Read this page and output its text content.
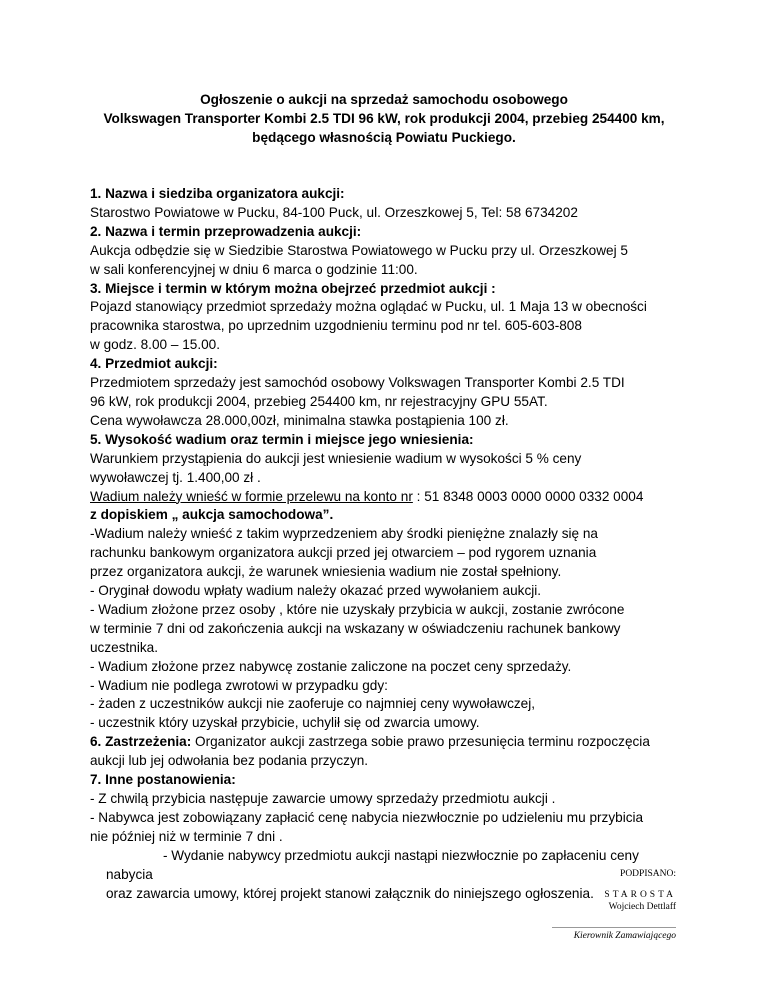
Ogłoszenie o aukcji na sprzedaż samochodu osobowego
Volkswagen Transporter Kombi 2.5 TDI 96 kW, rok produkcji 2004, przebieg 254400 km,
będącego własnością Powiatu Puckiego.
1. Nazwa i siedziba organizatora aukcji:
Starostwo Powiatowe w Pucku, 84-100 Puck, ul. Orzeszkowej 5, Tel: 58 6734202
2. Nazwa i termin przeprowadzenia aukcji:
Aukcja odbędzie się w Siedzibie Starostwa Powiatowego w Pucku przy ul. Orzeszkowej 5
w sali konferencyjnej w dniu 6 marca o godzinie 11:00.
3. Miejsce i termin w którym można obejrzeć przedmiot aukcji :
Pojazd stanowiący przedmiot sprzedaży można oglądać w Pucku, ul. 1 Maja 13 w obecności
pracownika starostwa, po uprzednim uzgodnieniu terminu pod nr tel. 605-603-808
w godz. 8.00 – 15.00.
4. Przedmiot aukcji:
Przedmiotem sprzedaży jest samochód osobowy Volkswagen Transporter Kombi 2.5 TDI
96 kW, rok produkcji 2004, przebieg 254400 km, nr rejestracyjny GPU 55AT.
Cena wywoławcza 28.000,00zł, minimalna stawka postąpienia 100 zł.
5. Wysokość wadium oraz termin i miejsce jego wniesienia:
Warunkiem przystąpienia do aukcji jest wniesienie wadium w wysokości 5 % ceny
wywoławczej tj. 1.400,00 zł .
Wadium należy wnieść w formie przelewu na konto nr : 51 8348 0003 0000 0000 0332 0004
z dopiskiem „ aukcja samochodowa”.
-Wadium należy wnieść z takim wyprzedzeniem aby środki pieniężne znalazły się na
rachunku bankowym organizatora aukcji przed jej otwarciem – pod rygorem uznania
przez organizatora aukcji, że warunek wniesienia wadium nie został spełniony.
- Oryginał dowodu wpłaty wadium należy okazać przed wywołaniem aukcji.
- Wadium złożone przez osoby , które nie uzyskały przybicia w aukcji, zostanie zwrócone
w terminie 7 dni od zakończenia aukcji na wskazany w oświadczeniu rachunek bankowy
uczestnika.
- Wadium złożone przez nabywcę zostanie zaliczone na poczet ceny sprzedaży.
- Wadium nie podlega zwrotowi w przypadku gdy:
- żaden z uczestników aukcji nie zaoferuje co najmniej ceny wywoławczej,
- uczestnik który uzyskał przybicie, uchylił się od zwarcia umowy.
6. Zastrzeżenia: Organizator aukcji zastrzega sobie prawo przesunięcia terminu rozpoczęcia
aukcji lub jej odwołania bez podania przyczyn.
7. Inne postanowienia:
- Z chwilą przybicia następuje zawarcie umowy sprzedaży przedmiotu aukcji .
- Nabywca jest zobowiązany zapłacić cenę nabycia niezwłocznie po udzieleniu mu przybicia
nie później niż w terminie 7 dni .
- Wydanie nabywcy przedmiotu aukcji nastąpi niezwłocznie po zapłaceniu ceny
nabycia
oraz zawarcia umowy, której projekt stanowi załącznik do niniejszego ogłoszenia.
PODPISANO:
STAROSTA
Wojciech Dettlaff
Kierownik Zamawiającego
